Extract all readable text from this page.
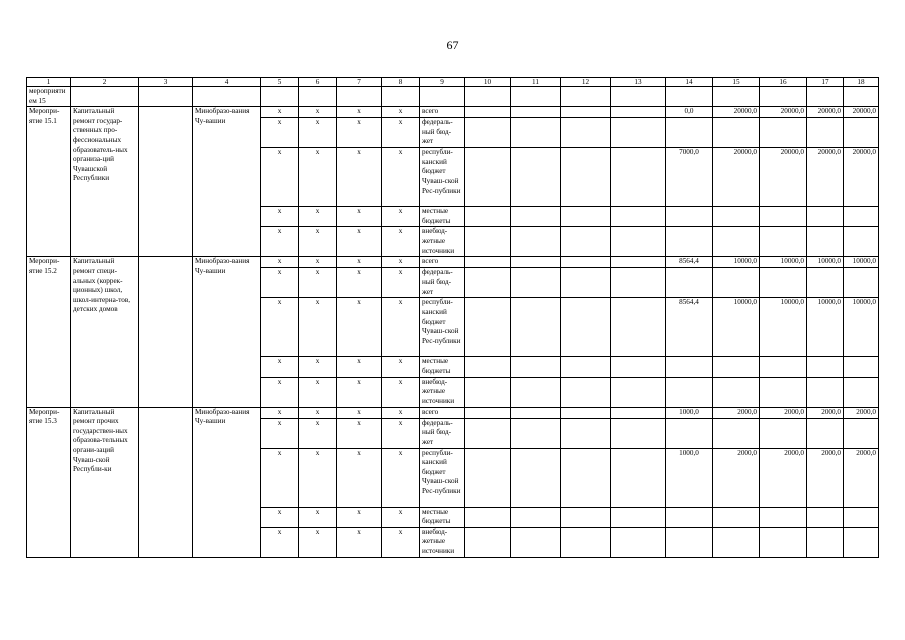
67
1	2	3	4	5	6	7	8	9	10	11	12	13	14	15	16	17	18
мероприятием 15																	
Меропри-ятие 15.1	Капитальный ремонт государ-ственных про-фессиональных образователь-ных организа-ций Чувашской Республики		Минобразо-вания Чу-вашии	x	x	x	x	всего					0,0	20000,0	20000,0	20000,0	20000,0
				x	x	x	x	федераль-ный бюд-жет									
				x	x	x	x	республи-канский бюджет Чуваш-ской Рес-публики					7000,0	20000,0	20000,0	20000,0	20000,0
				x	x	x	x	местные бюджеты									
				x	x	x	x	внебюд-жетные источники									
Меропри-ятие 15.2	Капитальный ремонт специ-альных (коррек-ционных) школ, школ-интерна-тов, детских домов		Минобразо-вания Чу-вашии	x	x	x	x	всего					8564,4	10000,0	10000,0	10000,0	10000,0
				x	x	x	x	федераль-ный бюд-жет									
				x	x	x	x	республи-канский бюджет Чуваш-ской Рес-публики					8564,4	10000,0	10000,0	10000,0	10000,0
				x	x	x	x	местные бюджеты									
				x	x	x	x	внебюд-жетные источники									
Меропри-ятие 15.3	Капитальный ремонт прочих государствен-ных образова-тельных органи-заций Чуваш-ской Республи-ки		Минобразо-вания Чу-вашии	x	x	x	x	всего					1000,0	2000,0	2000,0	2000,0	2000,0
				x	x	x	x	федераль-ный бюд-жет									
				x	x	x	x	республи-канский бюджет Чуваш-ской Рес-публики					1000,0	2000,0	2000,0	2000,0	2000,0
				x	x	x	x	местные бюджеты									
				x	x	x	x	внебюд-жетные источники									
